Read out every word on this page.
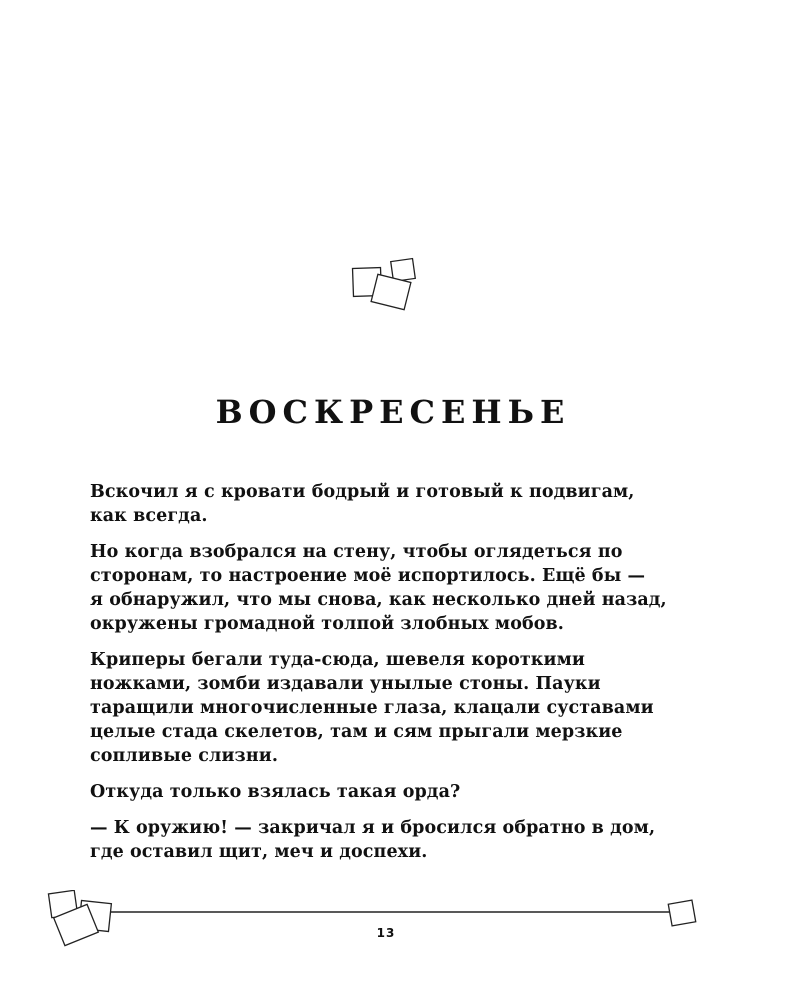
ВОСКРЕСЕНЬЕ

Вскочил я с кровати бодрый и готовый к подвигам,
как всегда.

Но когда взобрался на стену, чтобы оглядеться по
сторонам, то настроение моё испортилось. Ещё бы —
я обнаружил, что мы снова, как несколько дней назад,
окружены громадной толпой злобных мобов.

Криперы бегали туда-сюда, шевеля короткими
ножками, зомби издавали унылые стоны. Пауки
таращили многочисленные глаза, клацали суставами
целые стада скелетов, там и сям прыгали мерзкие
сопливые слизни.

Откуда только взялась такая орда?

— К оружию! — закричал я и бросился обратно в дом,
где оставил щит, меч и доспехи.

13
